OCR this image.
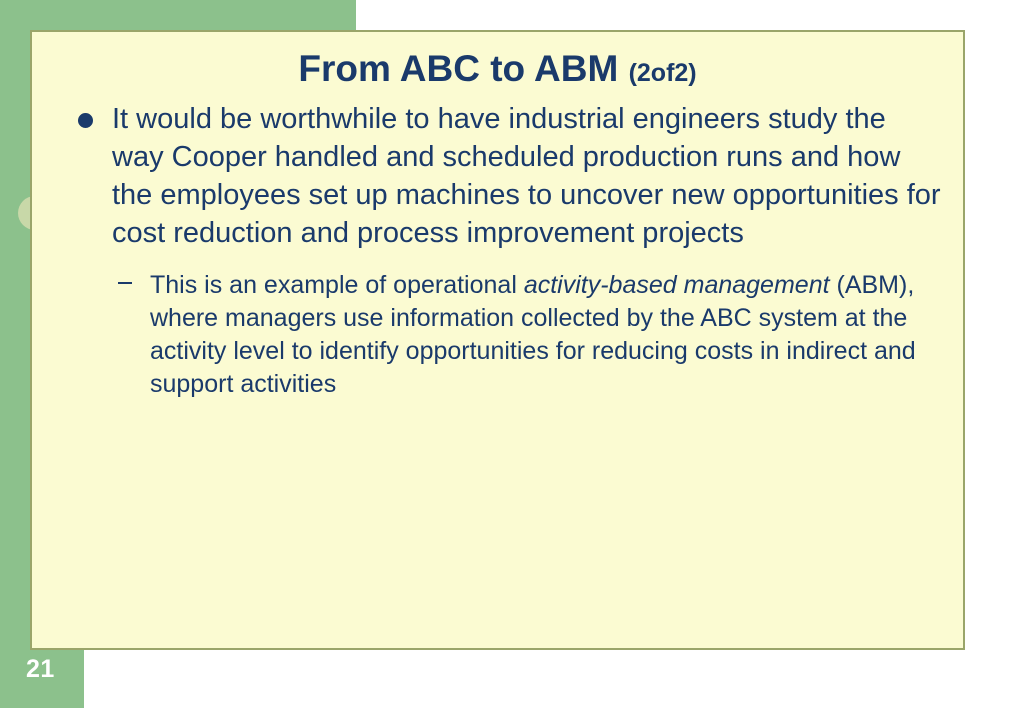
21
From ABC to ABM (2of2)
It would be worthwhile to have industrial engineers study the way Cooper handled and scheduled production runs and how the employees set up machines to uncover new opportunities for cost reduction and process improvement projects
This is an example of operational activity-based management (ABM), where managers use information collected by the ABC system at the activity level to identify opportunities for reducing costs in indirect and support activities
